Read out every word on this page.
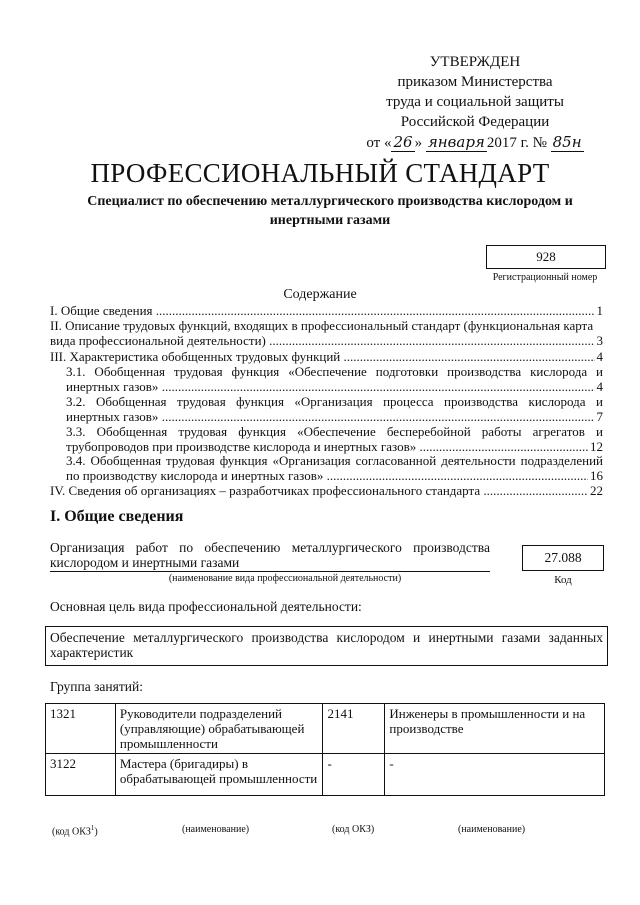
УТВЕРЖДЕН
приказом Министерства
труда и социальной защиты
Российской Федерации
от « 26 » января 2017 г. № 85н
ПРОФЕССИОНАЛЬНЫЙ СТАНДАРТ
Специалист по обеспечению металлургического производства кислородом и инертными газами
928
Регистрационный номер
Содержание
I. Общие сведения .....	1
II. Описание трудовых функций, входящих в профессиональный стандарт (функциональная карта
вида профессиональной деятельности) .....	3
III. Характеристика обобщенных трудовых функций .....	4
3.1. Обобщенная трудовая функция «Обеспечение подготовки производства кислорода и
инертных газов» .....	4
3.2. Обобщенная трудовая функция «Организация процесса производства кислорода и
инертных газов» .....	7
3.3. Обобщенная трудовая функция «Обеспечение бесперебойной работы агрегатов и
трубопроводов при производстве кислорода и инертных газов» .....	12
3.4. Обобщенная трудовая функция «Организация согласованной деятельности подразделений
по производству кислорода и инертных газов» .....	16
IV. Сведения об организациях – разработчиках профессионального стандарта .....	22
I. Общие сведения
Организация работ по обеспечению металлургического производства кислородом и инертными газами
(наименование вида профессиональной деятельности)
27.088
Код
Основная цель вида профессиональной деятельности:
Обеспечение металлургического производства кислородом и инертными газами заданных характеристик
Группа занятий:
1321	Руководители подразделений (управляющие) обрабатывающей промышленности	2141	Инженеры в промышленности и на производстве
3122	Мастера (бригадиры) в обрабатывающей промышленности	-	-
(код ОКЗ$^1$)	(наименование)	(код ОКЗ)	(наименование)
